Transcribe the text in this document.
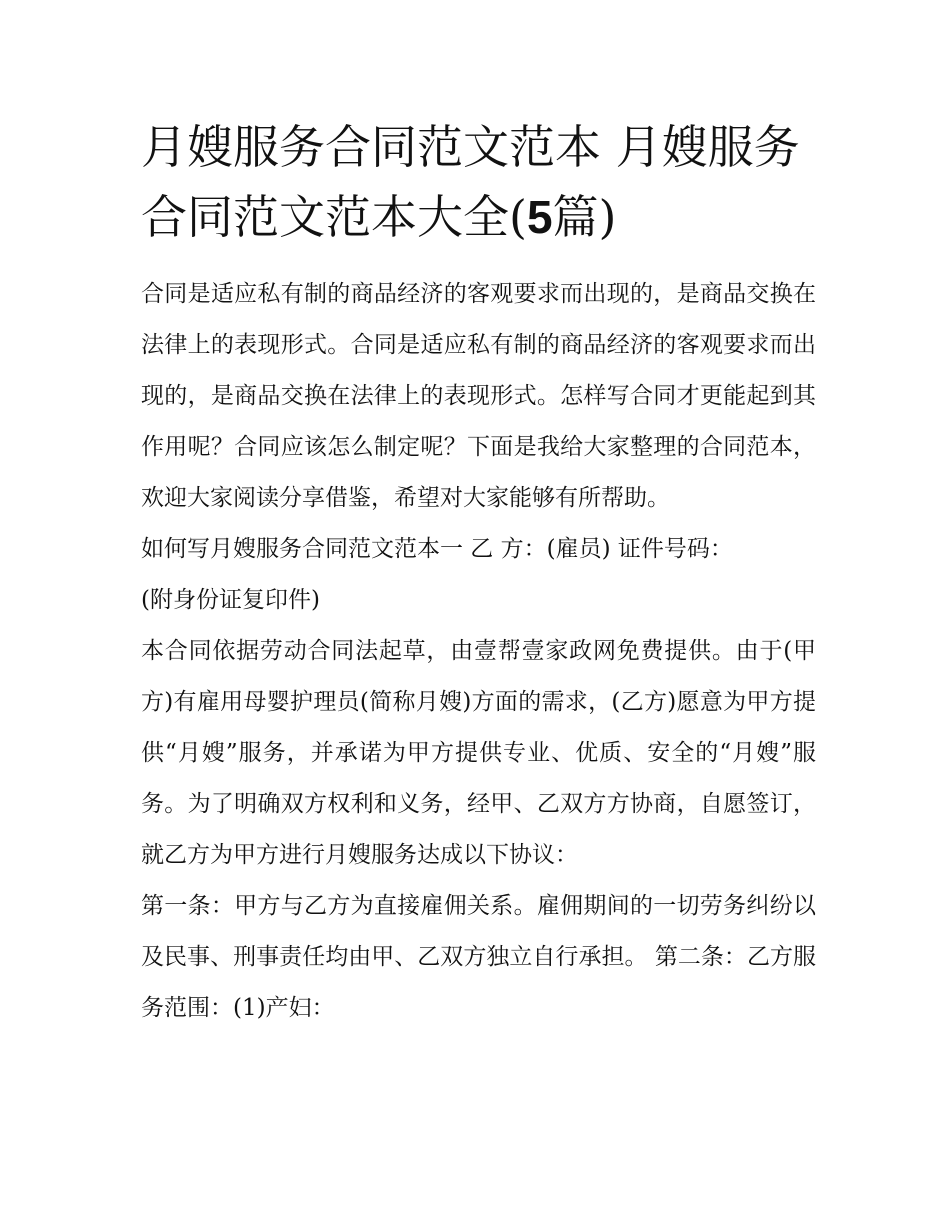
月嫂服务合同范文范本 月嫂服务合同范文范本大全(5篇)

合同是适应私有制的商品经济的客观要求而出现的，是商品交换在法律上的表现形式。合同是适应私有制的商品经济的客观要求而出现的，是商品交换在法律上的表现形式。怎样写合同才更能起到其作用呢？合同应该怎么制定呢？下面是我给大家整理的合同范本，欢迎大家阅读分享借鉴，希望对大家能够有所帮助。

如何写月嫂服务合同范文范本一 乙 方：(雇员) 证件号码：

(附身份证复印件)

本合同依据劳动合同法起草，由壹帮壹家政网免费提供。由于(甲方)有雇用母婴护理员(简称月嫂)方面的需求，(乙方)愿意为甲方提供“月嫂”服务，并承诺为甲方提供专业、优质、安全的“月嫂”服务。为了明确双方权利和义务，经甲、乙双方方协商，自愿签订，就乙方为甲方进行月嫂服务达成以下协议：

第一条：甲方与乙方为直接雇佣关系。雇佣期间的一切劳务纠纷以及民事、刑事责任均由甲、乙双方独立自行承担。 第二条：乙方服务范围：(1)产妇：
